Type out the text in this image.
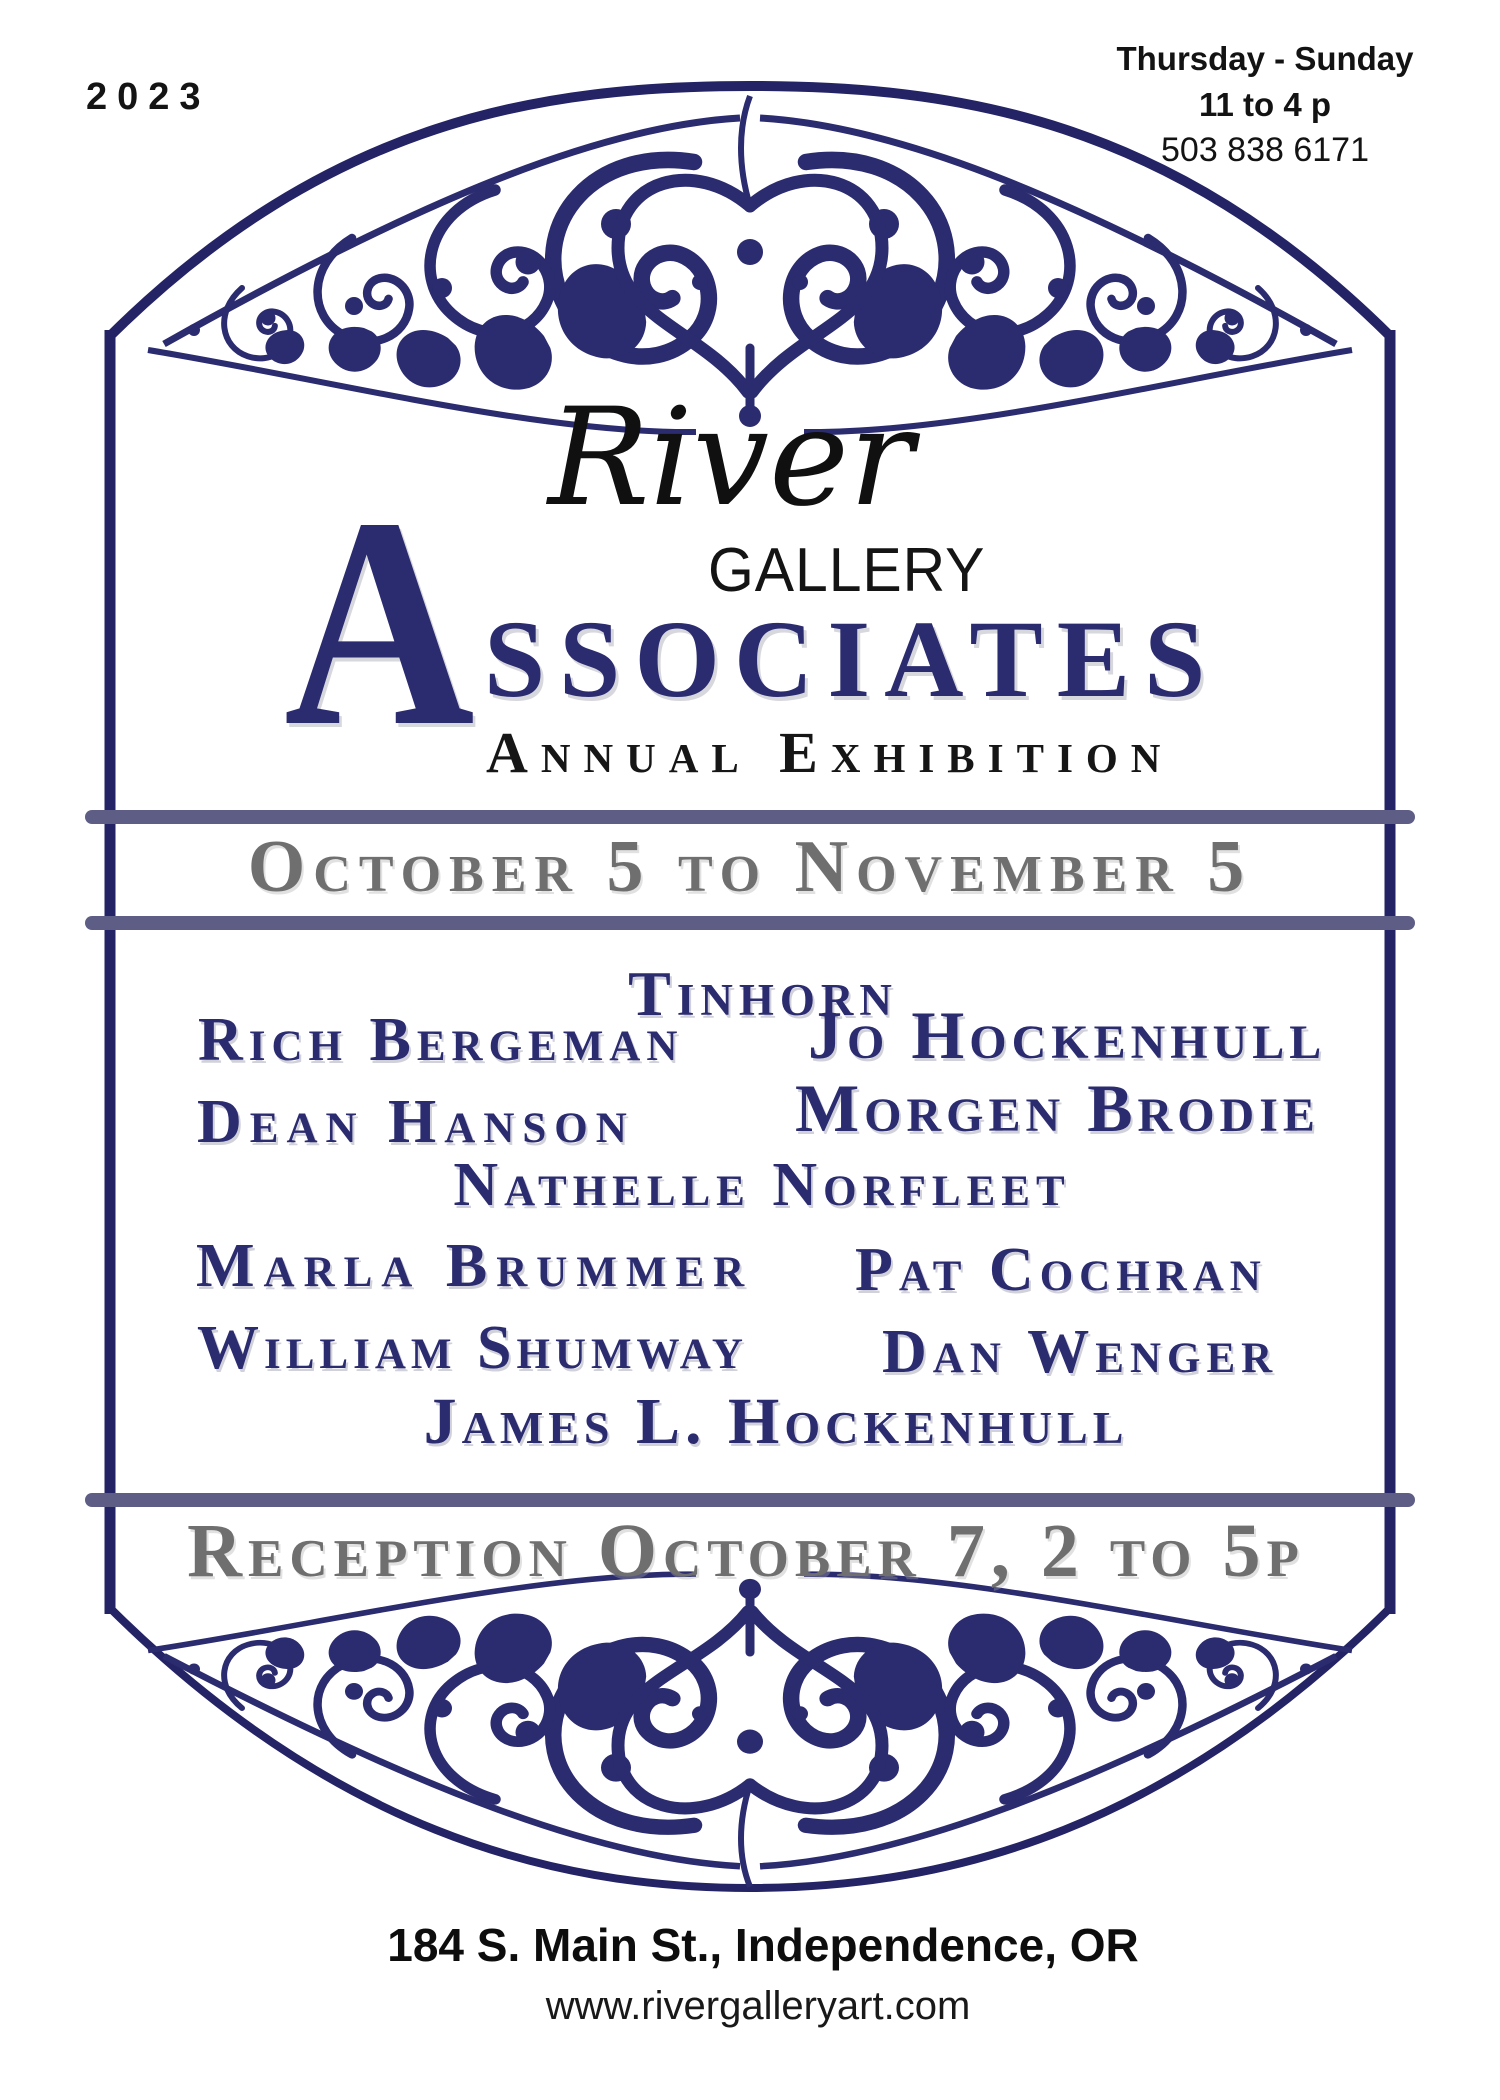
2023
Thursday - Sunday
11 to 4 p
503 838 6171
River
GALLERY
A SSOCIATES
Annual Exhibition
October 5 to November 5
Tinhorn
Rich Bergeman Jo Hockenhull
Dean Hanson Morgen Brodie
Nathelle Norfleet
Marla Brummer Pat Cochran
William Shumway Dan Wenger
James L. Hockenhull
Reception October 7, 2 to 5p
184 S. Main St., Independence, OR
www.rivergalleryart.com
